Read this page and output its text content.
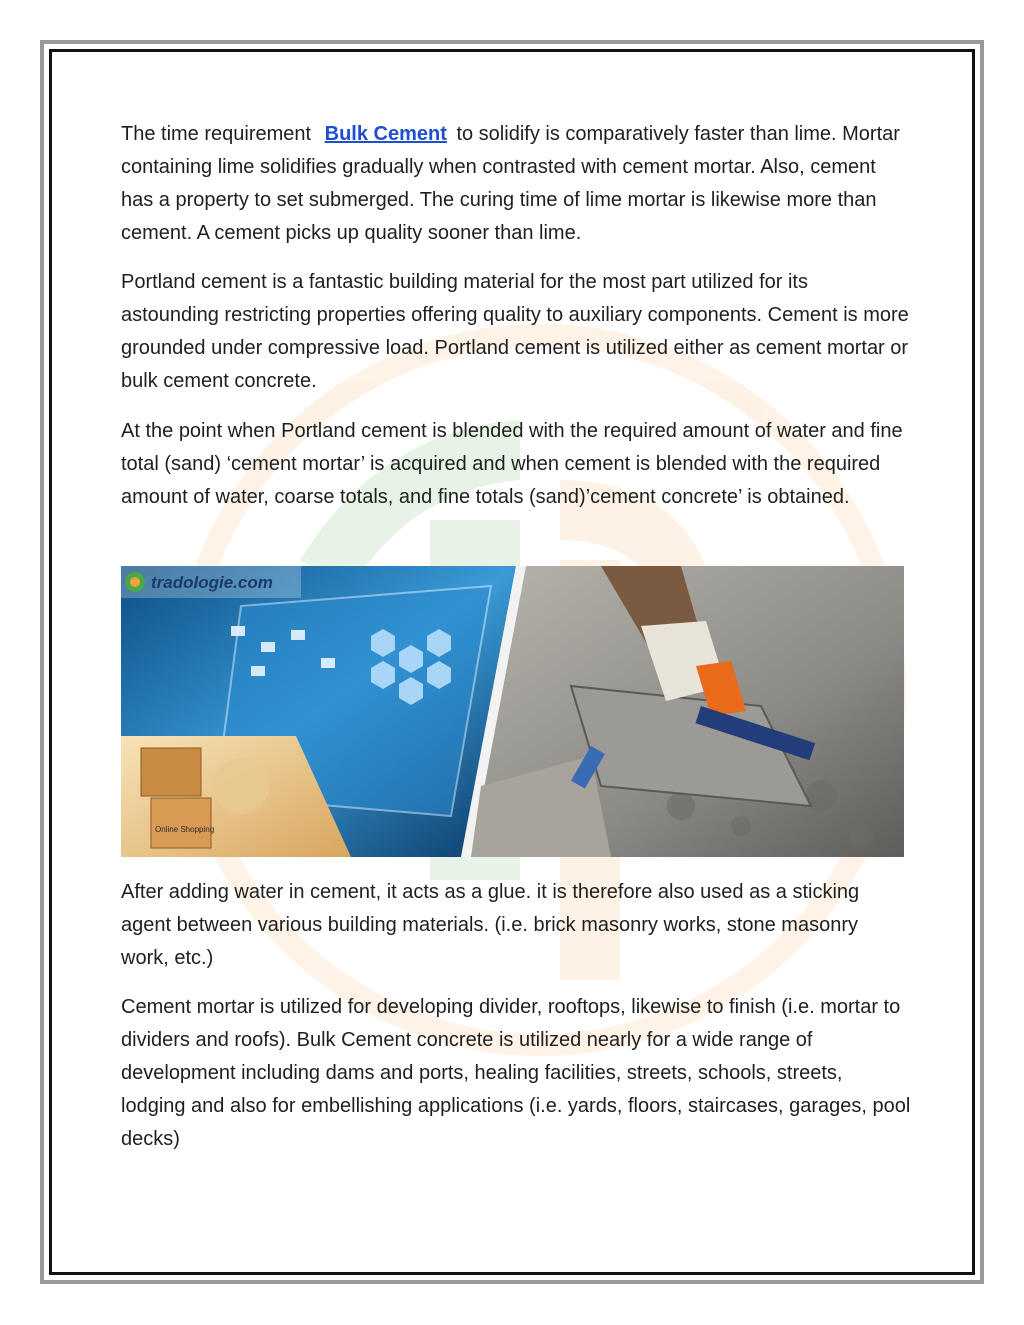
The time requirement Bulk Cement to solidify is comparatively faster than lime. Mortar containing lime solidifies gradually when contrasted with cement mortar. Also, cement has a property to set submerged. The curing time of lime mortar is likewise more than cement. A cement picks up quality sooner than lime.

Portland cement is a fantastic building material for the most part utilized for its astounding restricting properties offering quality to auxiliary components. Cement is more grounded under compressive load. Portland cement is utilized either as cement mortar or bulk cement concrete.

At the point when Portland cement is blended with the required amount of water and fine total (sand) ‘cement mortar’ is acquired and when cement is blended with the required amount of water, coarse totals, and fine totals (sand)’cement concrete’ is obtained.

Online Shopping
tradologie.com

After adding water in cement, it acts as a glue. it is therefore also used as a sticking agent between various building materials. (i.e. brick masonry works, stone masonry work, etc.)

Cement mortar is utilized for developing divider, rooftops, likewise to finish (i.e. mortar to dividers and roofs). Bulk Cement concrete is utilized nearly for a wide range of development including dams and ports, healing facilities, streets, schools, streets, lodging and also for embellishing applications (i.e. yards, floors, staircases, garages, pool decks)
